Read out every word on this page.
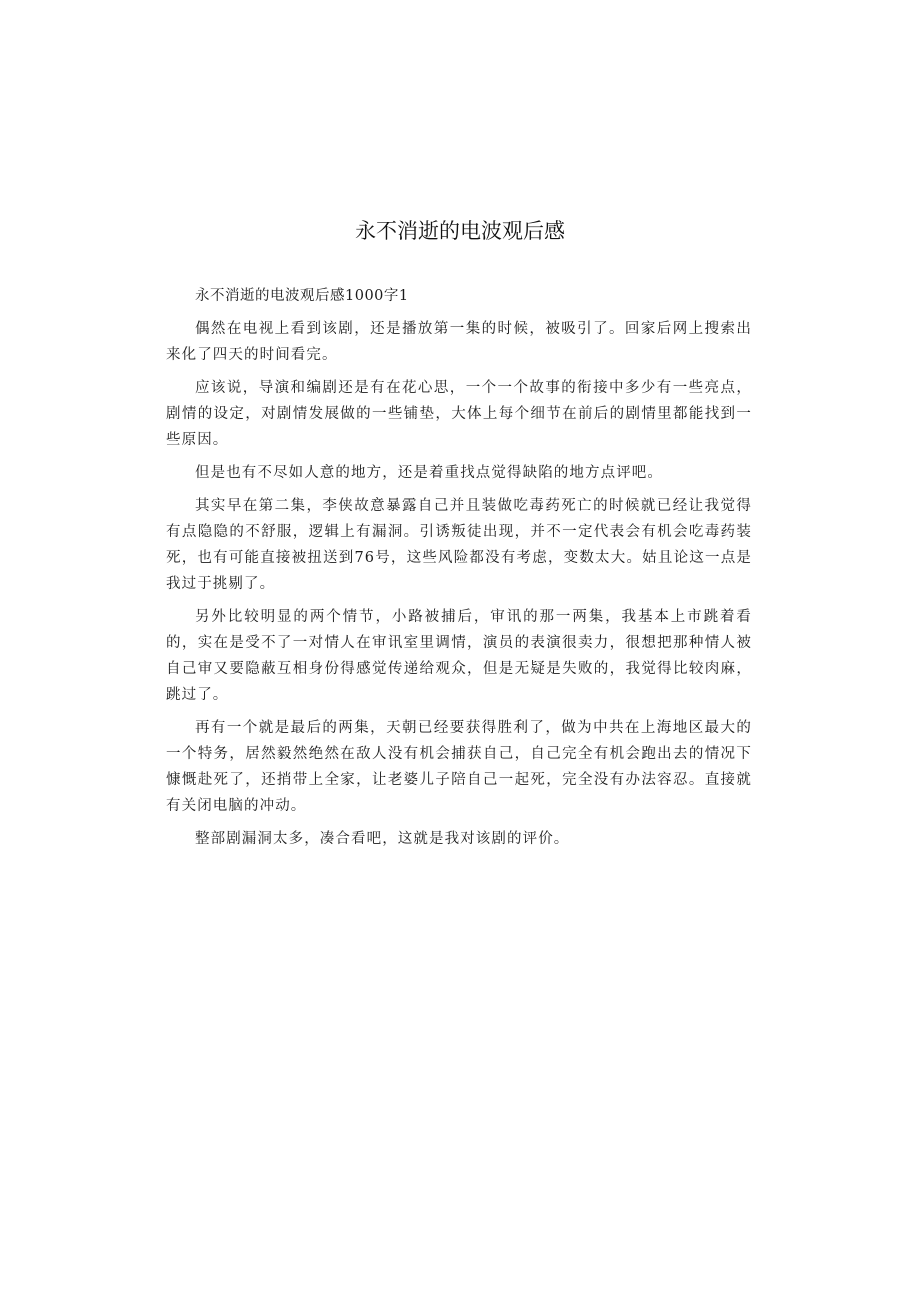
永不消逝的电波观后感

永不消逝的电波观后感1000字1

偶然在电视上看到该剧，还是播放第一集的时候，被吸引了。回家后网上搜索出来化了四天的时间看完。

应该说，导演和编剧还是有在花心思，一个一个故事的衔接中多少有一些亮点，剧情的设定，对剧情发展做的一些铺垫，大体上每个细节在前后的剧情里都能找到一些原因。

但是也有不尽如人意的地方，还是着重找点觉得缺陷的地方点评吧。

其实早在第二集，李侠故意暴露自己并且装做吃毒药死亡的时候就已经让我觉得有点隐隐的不舒服，逻辑上有漏洞。引诱叛徒出现，并不一定代表会有机会吃毒药装死，也有可能直接被扭送到76号，这些风险都没有考虑，变数太大。姑且论这一点是我过于挑剔了。

另外比较明显的两个情节，小路被捕后，审讯的那一两集，我基本上市跳着看的，实在是受不了一对情人在审讯室里调情，演员的表演很卖力，很想把那种情人被自己审又要隐蔽互相身份得感觉传递给观众，但是无疑是失败的，我觉得比较肉麻，跳过了。

再有一个就是最后的两集，天朝已经要获得胜利了，做为中共在上海地区最大的一个特务，居然毅然绝然在敌人没有机会捕获自己，自己完全有机会跑出去的情况下慷慨赴死了，还捎带上全家，让老婆儿子陪自己一起死，完全没有办法容忍。直接就有关闭电脑的冲动。

整部剧漏洞太多，凑合看吧，这就是我对该剧的评价。
